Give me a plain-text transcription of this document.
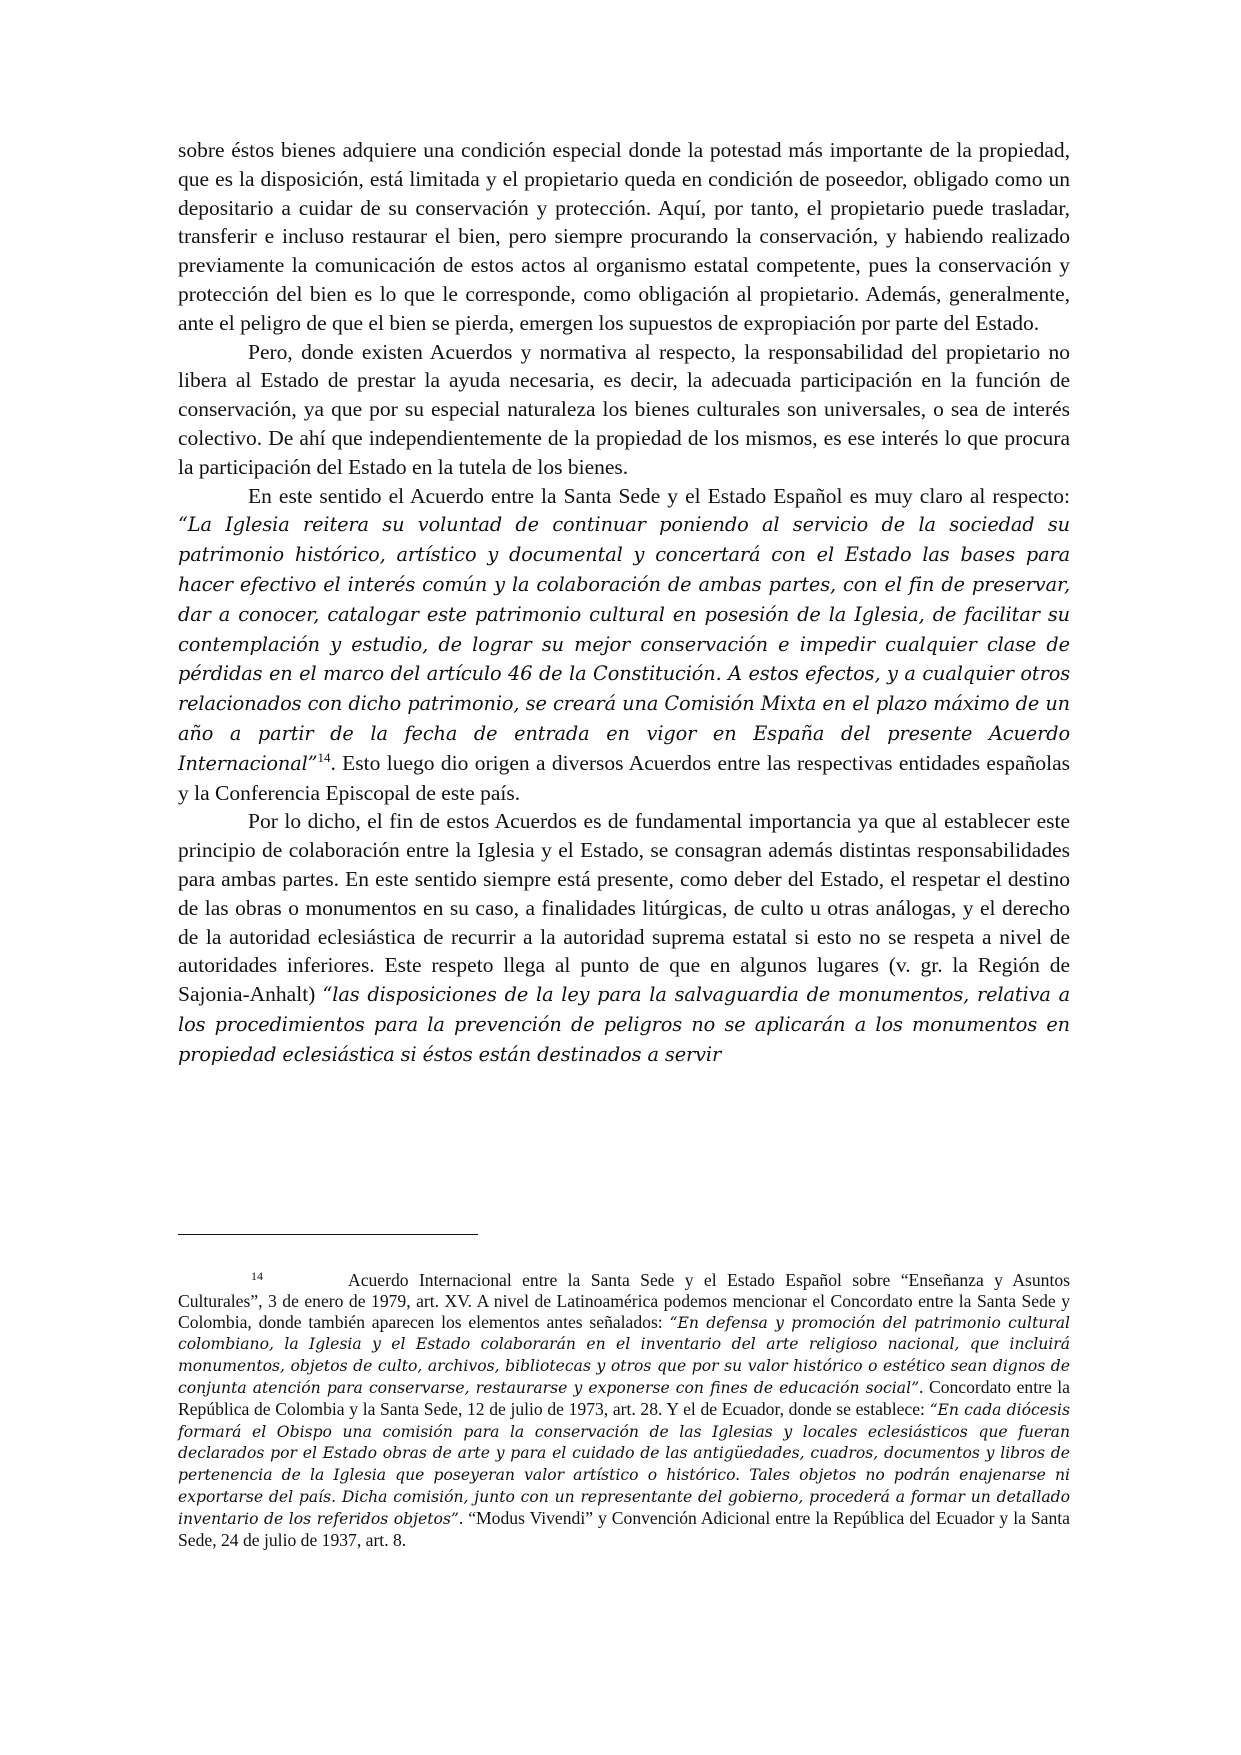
sobre éstos bienes adquiere una condición especial donde la potestad más importante de la propiedad, que es la disposición, está limitada y el propietario queda en condición de poseedor, obligado como un depositario a cuidar de su conservación y protección. Aquí, por tanto, el propietario puede trasladar, transferir e incluso restaurar el bien, pero siempre procurando la conservación, y habiendo realizado previamente la comunicación de estos actos al organismo estatal competente, pues la conservación y protección del bien es lo que le corresponde, como obligación al propietario. Además, generalmente, ante el peligro de que el bien se pierda, emergen los supuestos de expropiación por parte del Estado.

Pero, donde existen Acuerdos y normativa al respecto, la responsabilidad del propietario no libera al Estado de prestar la ayuda necesaria, es decir, la adecuada participación en la función de conservación, ya que por su especial naturaleza los bienes culturales son universales, o sea de interés colectivo. De ahí que independientemente de la propiedad de los mismos, es ese interés lo que procura la participación del Estado en la tutela de los bienes.

En este sentido el Acuerdo entre la Santa Sede y el Estado Español es muy claro al respecto: “La Iglesia reitera su voluntad de continuar poniendo al servicio de la sociedad su patrimonio histórico, artístico y documental y concertará con el Estado las bases para hacer efectivo el interés común y la colaboración de ambas partes, con el fin de preservar, dar a conocer, catalogar este patrimonio cultural en posesión de la Iglesia, de facilitar su contemplación y estudio, de lograr su mejor conservación e impedir cualquier clase de pérdidas en el marco del artículo 46 de la Constitución. A estos efectos, y a cualquier otros relacionados con dicho patrimonio, se creará una Comisión Mixta en el plazo máximo de un año a partir de la fecha de entrada en vigor en España del presente Acuerdo Internacional”$^{14}$. Esto luego dio origen a diversos Acuerdos entre las respectivas entidades españolas y la Conferencia Episcopal de este país.

Por lo dicho, el fin de estos Acuerdos es de fundamental importancia ya que al establecer este principio de colaboración entre la Iglesia y el Estado, se consagran además distintas responsabilidades para ambas partes. En este sentido siempre está presente, como deber del Estado, el respetar el destino de las obras o monumentos en su caso, a finalidades litúrgicas, de culto u otras análogas, y el derecho de la autoridad eclesiástica de recurrir a la autoridad suprema estatal si esto no se respeta a nivel de autoridades inferiores. Este respeto llega al punto de que en algunos lugares (v. gr. la Región de Sajonia-Anhalt) “las disposiciones de la ley para la salvaguardia de monumentos, relativa a los procedimientos para la prevención de peligros no se aplicarán a los monumentos en propiedad eclesiástica si éstos están destinados a servir

14	Acuerdo Internacional entre la Santa Sede y el Estado Español sobre “Enseñanza y Asuntos Culturales”, 3 de enero de 1979, art. XV. A nivel de Latinoamérica podemos mencionar el Concordato entre la Santa Sede y Colombia, donde también aparecen los elementos antes señalados: “En defensa y promoción del patrimonio cultural colombiano, la Iglesia y el Estado colaborarán en el inventario del arte religioso nacional, que incluirá monumentos, objetos de culto, archivos, bibliotecas y otros que por su valor histórico o estético sean dignos de conjunta atención para conservarse, restaurarse y exponerse con fines de educación social”. Concordato entre la República de Colombia y la Santa Sede, 12 de julio de 1973, art. 28. Y el de Ecuador, donde se establece: “En cada diócesis formará el Obispo una comisión para la conservación de las Iglesias y locales eclesiásticos que fueran declarados por el Estado obras de arte y para el cuidado de las antigüedades, cuadros, documentos y libros de pertenencia de la Iglesia que poseyeran valor artístico o histórico. Tales objetos no podrán enajenarse ni exportarse del país. Dicha comisión, junto con un representante del gobierno, procederá a formar un detallado inventario de los referidos objetos”. “Modus Vivendi” y Convención Adicional entre la República del Ecuador y la Santa Sede, 24 de julio de 1937, art. 8.
